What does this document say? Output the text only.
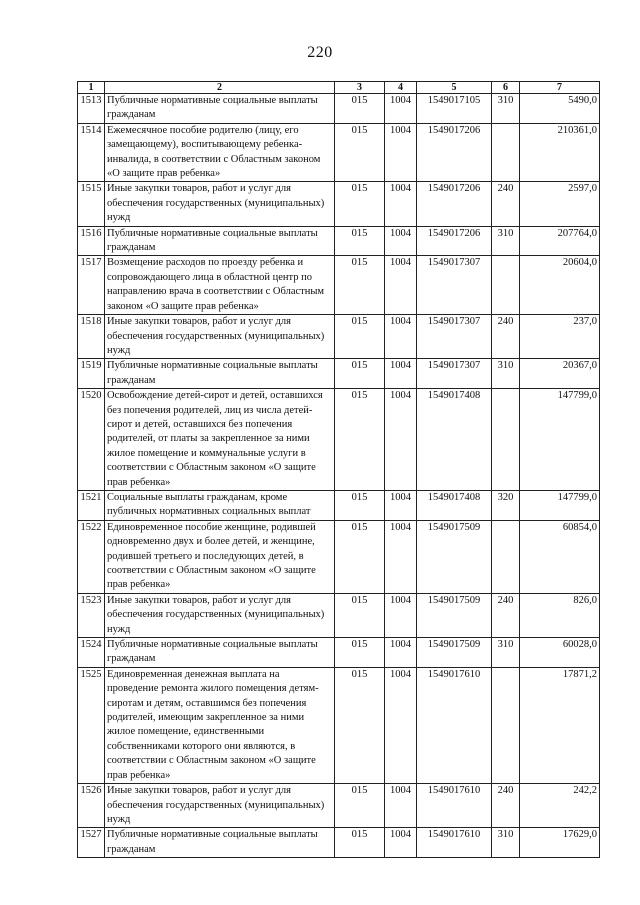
220
1	2	3	4	5	6	7
1513	Публичные нормативные социальные выплаты гражданам	015	1004	1549017105	310	5490,0
1514	Ежемесячное пособие родителю (лицу, его замещающему), воспитывающему ребенка-инвалида, в соответствии с Областным законом «О защите прав ребенка»	015	1004	1549017206		210361,0
1515	Иные закупки товаров, работ и услуг для обеспечения государственных (муниципальных) нужд	015	1004	1549017206	240	2597,0
1516	Публичные нормативные социальные выплаты гражданам	015	1004	1549017206	310	207764,0
1517	Возмещение расходов по проезду ребенка и сопровождающего лица в областной центр по направлению врача в соответствии с Областным законом «О защите прав ребенка»	015	1004	1549017307		20604,0
1518	Иные закупки товаров, работ и услуг для обеспечения государственных (муниципальных) нужд	015	1004	1549017307	240	237,0
1519	Публичные нормативные социальные выплаты гражданам	015	1004	1549017307	310	20367,0
1520	Освобождение детей-сирот и детей, оставшихся без попечения родителей, лиц из числа детей-сирот и детей, оставшихся без попечения родителей, от платы за закрепленное за ними жилое помещение и коммунальные услуги в соответствии с Областным законом «О защите прав ребенка»	015	1004	1549017408		147799,0
1521	Социальные выплаты гражданам, кроме публичных нормативных социальных выплат	015	1004	1549017408	320	147799,0
1522	Единовременное пособие женщине, родившей одновременно двух и более детей, и женщине, родившей третьего и последующих детей, в соответствии с Областным законом «О защите прав ребенка»	015	1004	1549017509		60854,0
1523	Иные закупки товаров, работ и услуг для обеспечения государственных (муниципальных) нужд	015	1004	1549017509	240	826,0
1524	Публичные нормативные социальные выплаты гражданам	015	1004	1549017509	310	60028,0
1525	Единовременная денежная выплата на проведение ремонта жилого помещения детям-сиротам и детям, оставшимся без попечения родителей, имеющим закрепленное за ними жилое помещение, единственными собственниками которого они являются, в соответствии с Областным законом «О защите прав ребенка»	015	1004	1549017610		17871,2
1526	Иные закупки товаров, работ и услуг для обеспечения государственных (муниципальных) нужд	015	1004	1549017610	240	242,2
1527	Публичные нормативные социальные выплаты гражданам	015	1004	1549017610	310	17629,0
